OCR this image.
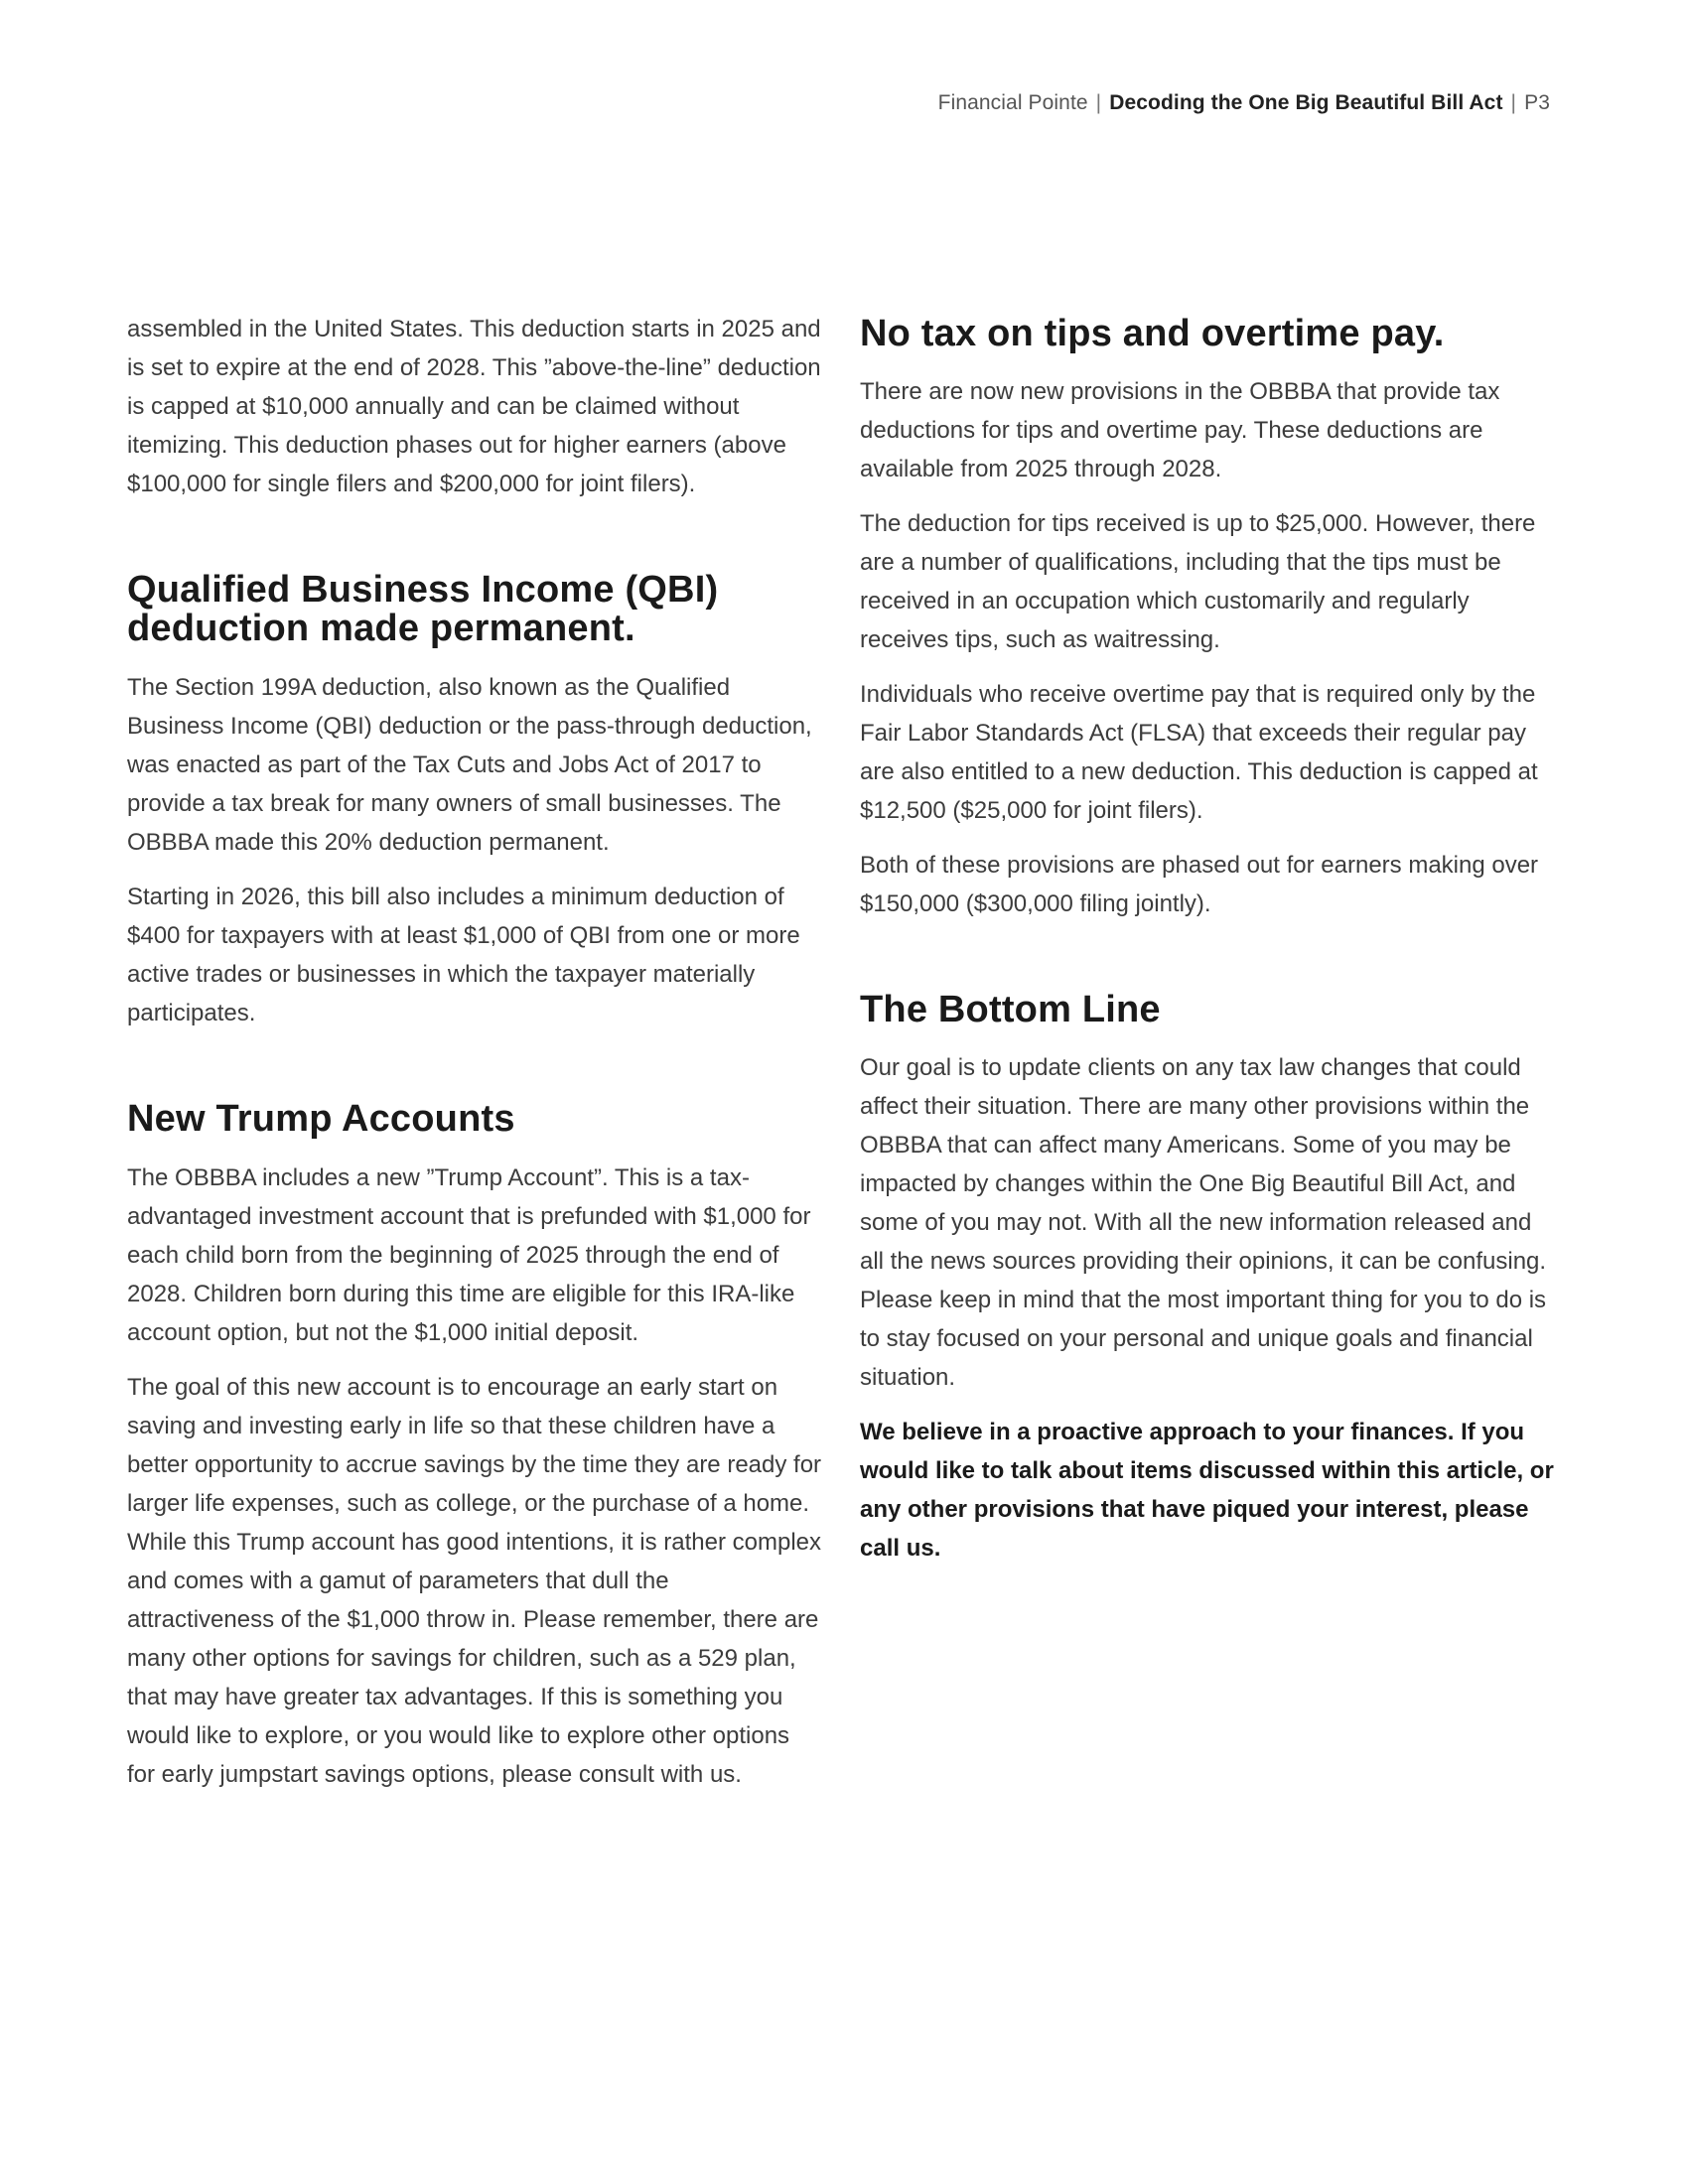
Financial Pointe | Decoding the One Big Beautiful Bill Act | P3

assembled in the United States. This deduction starts in 2025 and is set to expire at the end of 2028. This ”above-the-line” deduction is capped at $10,000 annually and can be claimed without itemizing. This deduction phases out for higher earners (above $100,000 for single filers and $200,000 for joint filers).

Qualified Business Income (QBI) deduction made permanent.

The Section 199A deduction, also known as the Qualified Business Income (QBI) deduction or the pass-through deduction, was enacted as part of the Tax Cuts and Jobs Act of 2017 to provide a tax break for many owners of small businesses. The OBBBA made this 20% deduction permanent.

Starting in 2026, this bill also includes a minimum deduction of $400 for taxpayers with at least $1,000 of QBI from one or more active trades or businesses in which the taxpayer materially participates.

New Trump Accounts

The OBBBA includes a new ”Trump Account”. This is a tax-advantaged investment account that is prefunded with $1,000 for each child born from the beginning of 2025 through the end of 2028. Children born during this time are eligible for this IRA-like account option, but not the $1,000 initial deposit.

The goal of this new account is to encourage an early start on saving and investing early in life so that these children have a better opportunity to accrue savings by the time they are ready for larger life expenses, such as college, or the purchase of a home. While this Trump account has good intentions, it is rather complex and comes with a gamut of parameters that dull the attractiveness of the $1,000 throw in. Please remember, there are many other options for savings for children, such as a 529 plan, that may have greater tax advantages. If this is something you would like to explore, or you would like to explore other options for early jumpstart savings options, please consult with us.

No tax on tips and overtime pay.

There are now new provisions in the OBBBA that provide tax deductions for tips and overtime pay. These deductions are available from 2025 through 2028.

The deduction for tips received is up to $25,000. However, there are a number of qualifications, including that the tips must be received in an occupation which customarily and regularly receives tips, such as waitressing.

Individuals who receive overtime pay that is required only by the Fair Labor Standards Act (FLSA) that exceeds their regular pay are also entitled to a new deduction. This deduction is capped at $12,500 ($25,000 for joint filers).

Both of these provisions are phased out for earners making over $150,000 ($300,000 filing jointly).

The Bottom Line

Our goal is to update clients on any tax law changes that could affect their situation. There are many other provisions within the OBBBA that can affect many Americans. Some of you may be impacted by changes within the One Big Beautiful Bill Act, and some of you may not. With all the new information released and all the news sources providing their opinions, it can be confusing. Please keep in mind that the most important thing for you to do is to stay focused on your personal and unique goals and financial situation.

We believe in a proactive approach to your finances. If you would like to talk about items discussed within this article, or any other provisions that have piqued your interest, please call us.
